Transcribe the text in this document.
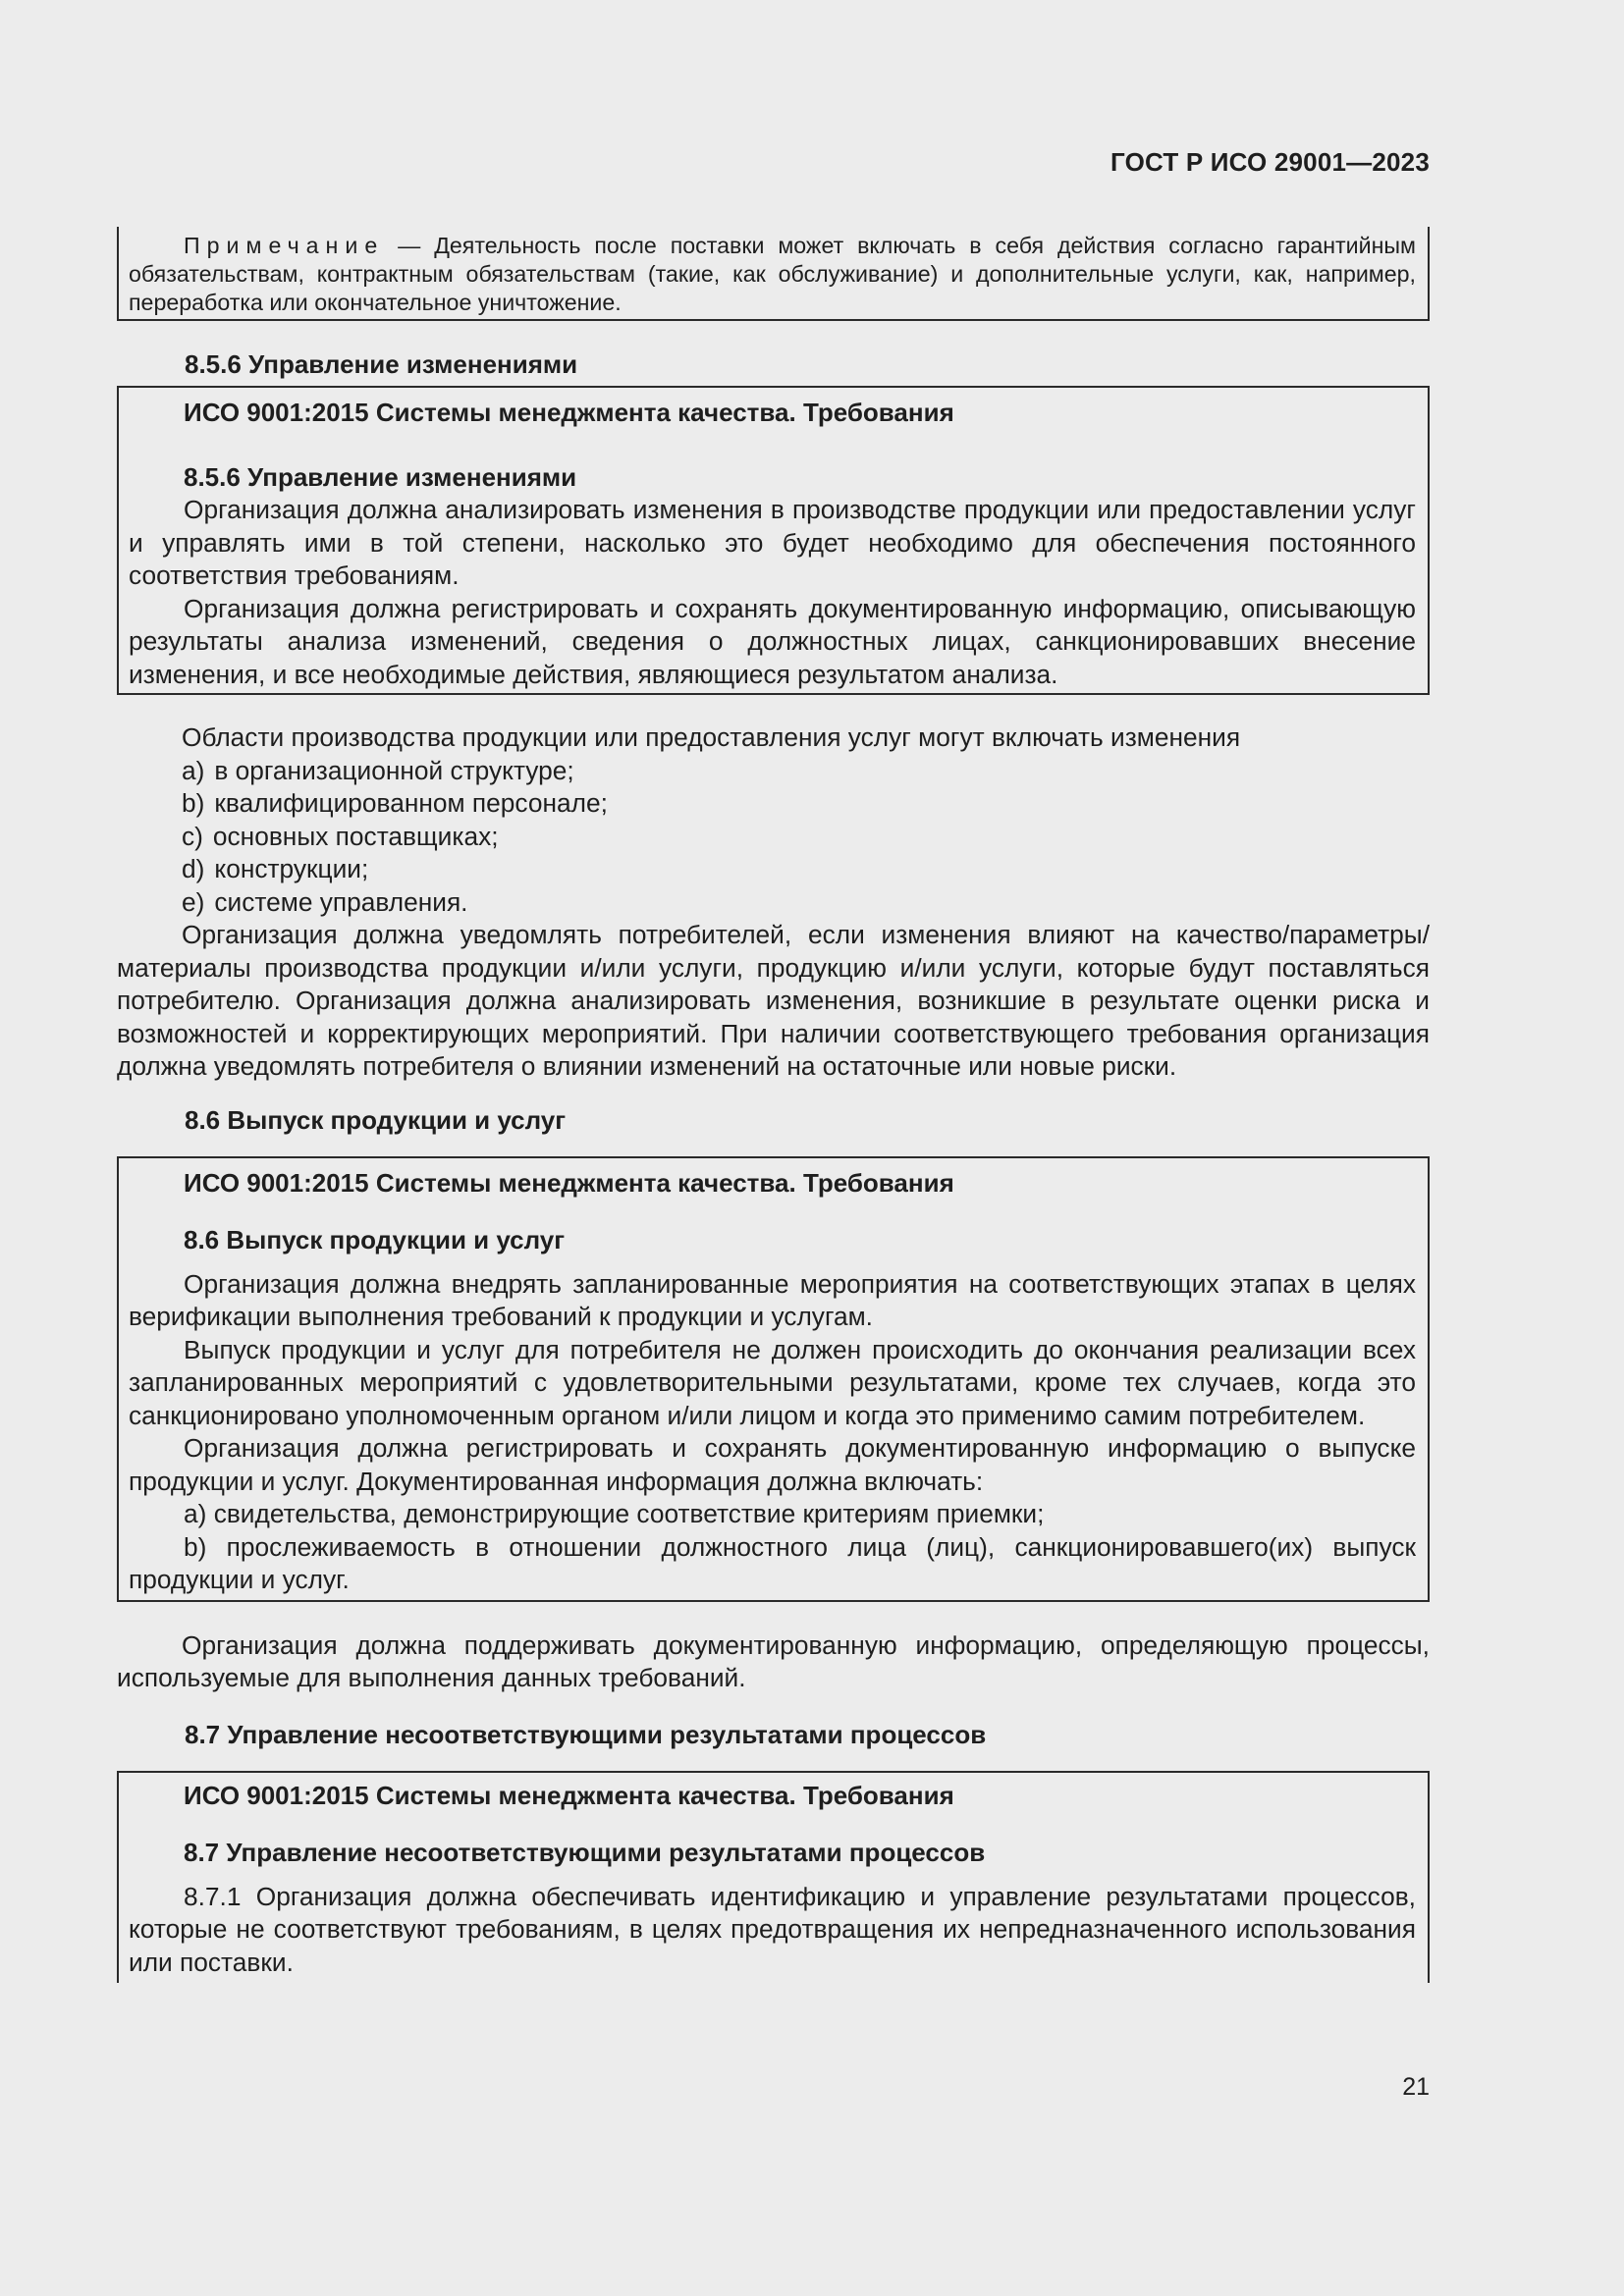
ГОСТ Р ИСО 29001—2023
Примечание — Деятельность после поставки может включать в себя действия согласно гарантийным обязательствам, контрактным обязательствам (такие, как обслуживание) и дополнительные услуги, как, например, переработка или окончательное уничтожение.

8.5.6 Управление изменениями

ИСО 9001:2015 Системы менеджмента качества. Требования

8.5.6 Управление изменениями

Организация должна анализировать изменения в производстве продукции или предоставлении услуг и управлять ими в той степени, насколько это будет необходимо для обеспечения постоянного соответствия требованиям.

Организация должна регистрировать и сохранять документированную информацию, описывающую результаты анализа изменений, сведения о должностных лицах, санкционировавших внесение изменения, и все необходимые действия, являющиеся результатом анализа.

Области производства продукции или предоставления услуг могут включать изменения

a) в организационной структуре;

b) квалифицированном персонале;

c) основных поставщиках;

d) конструкции;

e) системе управления.

Организация должна уведомлять потребителей, если изменения влияют на качество/параметры/материалы производства продукции и/или услуги, продукцию и/или услуги, которые будут поставляться потребителю. Организация должна анализировать изменения, возникшие в результате оценки риска и возможностей и корректирующих мероприятий. При наличии соответствующего требования организация должна уведомлять потребителя о влиянии изменений на остаточные или новые риски.

8.6 Выпуск продукции и услуг

ИСО 9001:2015 Системы менеджмента качества. Требования

8.6 Выпуск продукции и услуг

Организация должна внедрять запланированные мероприятия на соответствующих этапах в целях верификации выполнения требований к продукции и услугам.

Выпуск продукции и услуг для потребителя не должен происходить до окончания реализации всех запланированных мероприятий с удовлетворительными результатами, кроме тех случаев, когда это санкционировано уполномоченным органом и/или лицом и когда это применимо самим потребителем.

Организация должна регистрировать и сохранять документированную информацию о выпуске продукции и услуг. Документированная информация должна включать:

a) свидетельства, демонстрирующие соответствие критериям приемки;

b) прослеживаемость в отношении должностного лица (лиц), санкционировавшего(их) выпуск продукции и услуг.

Организация должна поддерживать документированную информацию, определяющую процессы, используемые для выполнения данных требований.

8.7 Управление несоответствующими результатами процессов

ИСО 9001:2015 Системы менеджмента качества. Требования

8.7 Управление несоответствующими результатами процессов

8.7.1 Организация должна обеспечивать идентификацию и управление результатами процессов, которые не соответствуют требованиям, в целях предотвращения их непредназначенного использования или поставки.

21
